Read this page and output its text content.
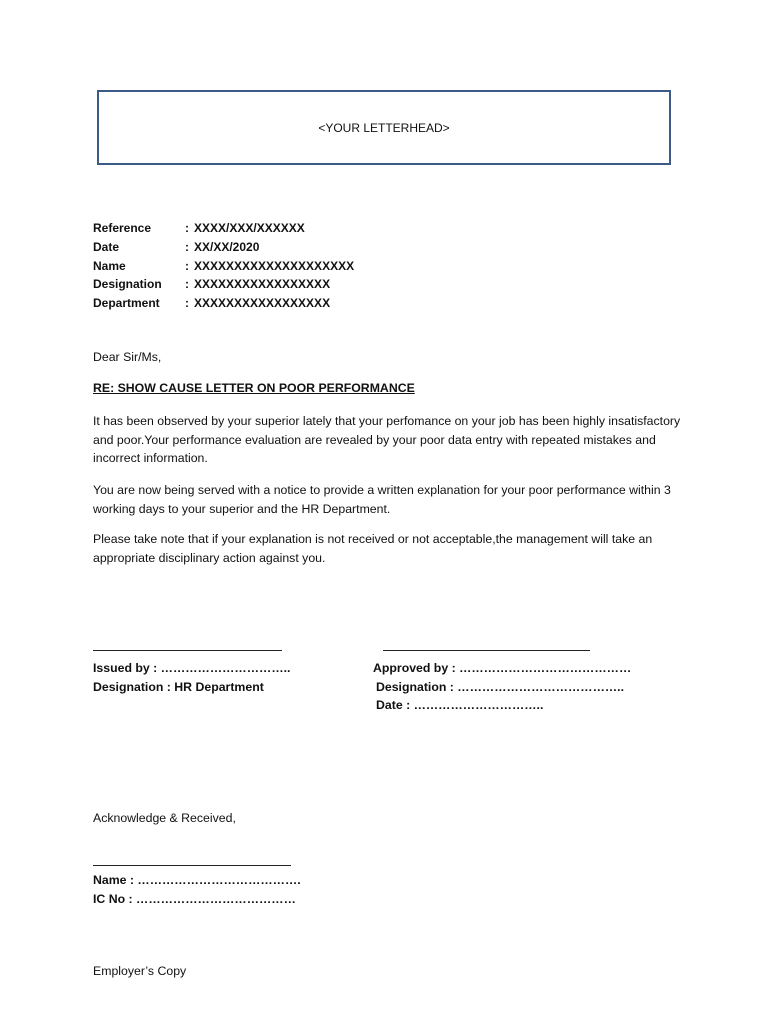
<YOUR LETTERHEAD>
Reference	: XXXX/XXX/XXXXXX
Date	: XX/XX/2020
Name	: XXXXXXXXXXXXXXXXXXXX
Designation : XXXXXXXXXXXXXXXXX
Department : XXXXXXXXXXXXXXXXX
Dear Sir/Ms,
RE: SHOW CAUSE LETTER ON POOR PERFORMANCE
It has been observed by your superior lately that your perfomance on your job has been highly insatisfactory and poor.Your performance evaluation are revealed by your poor data entry with repeated mistakes and incorrect information.
You are now being served with a notice to provide a written explanation for your poor performance within 3 working days to your superior and the HR Department.
Please take note that if your explanation is not received or not acceptable,the management will take an appropriate disciplinary action against you.
Issued by : …………………………..
Designation : HR Department
Approved by : ……………………………………
Designation : …………………………………..
Date : …………………………..
Acknowledge & Received,
Name : ………………………………….
IC No : …………………………………
Employer’s Copy
